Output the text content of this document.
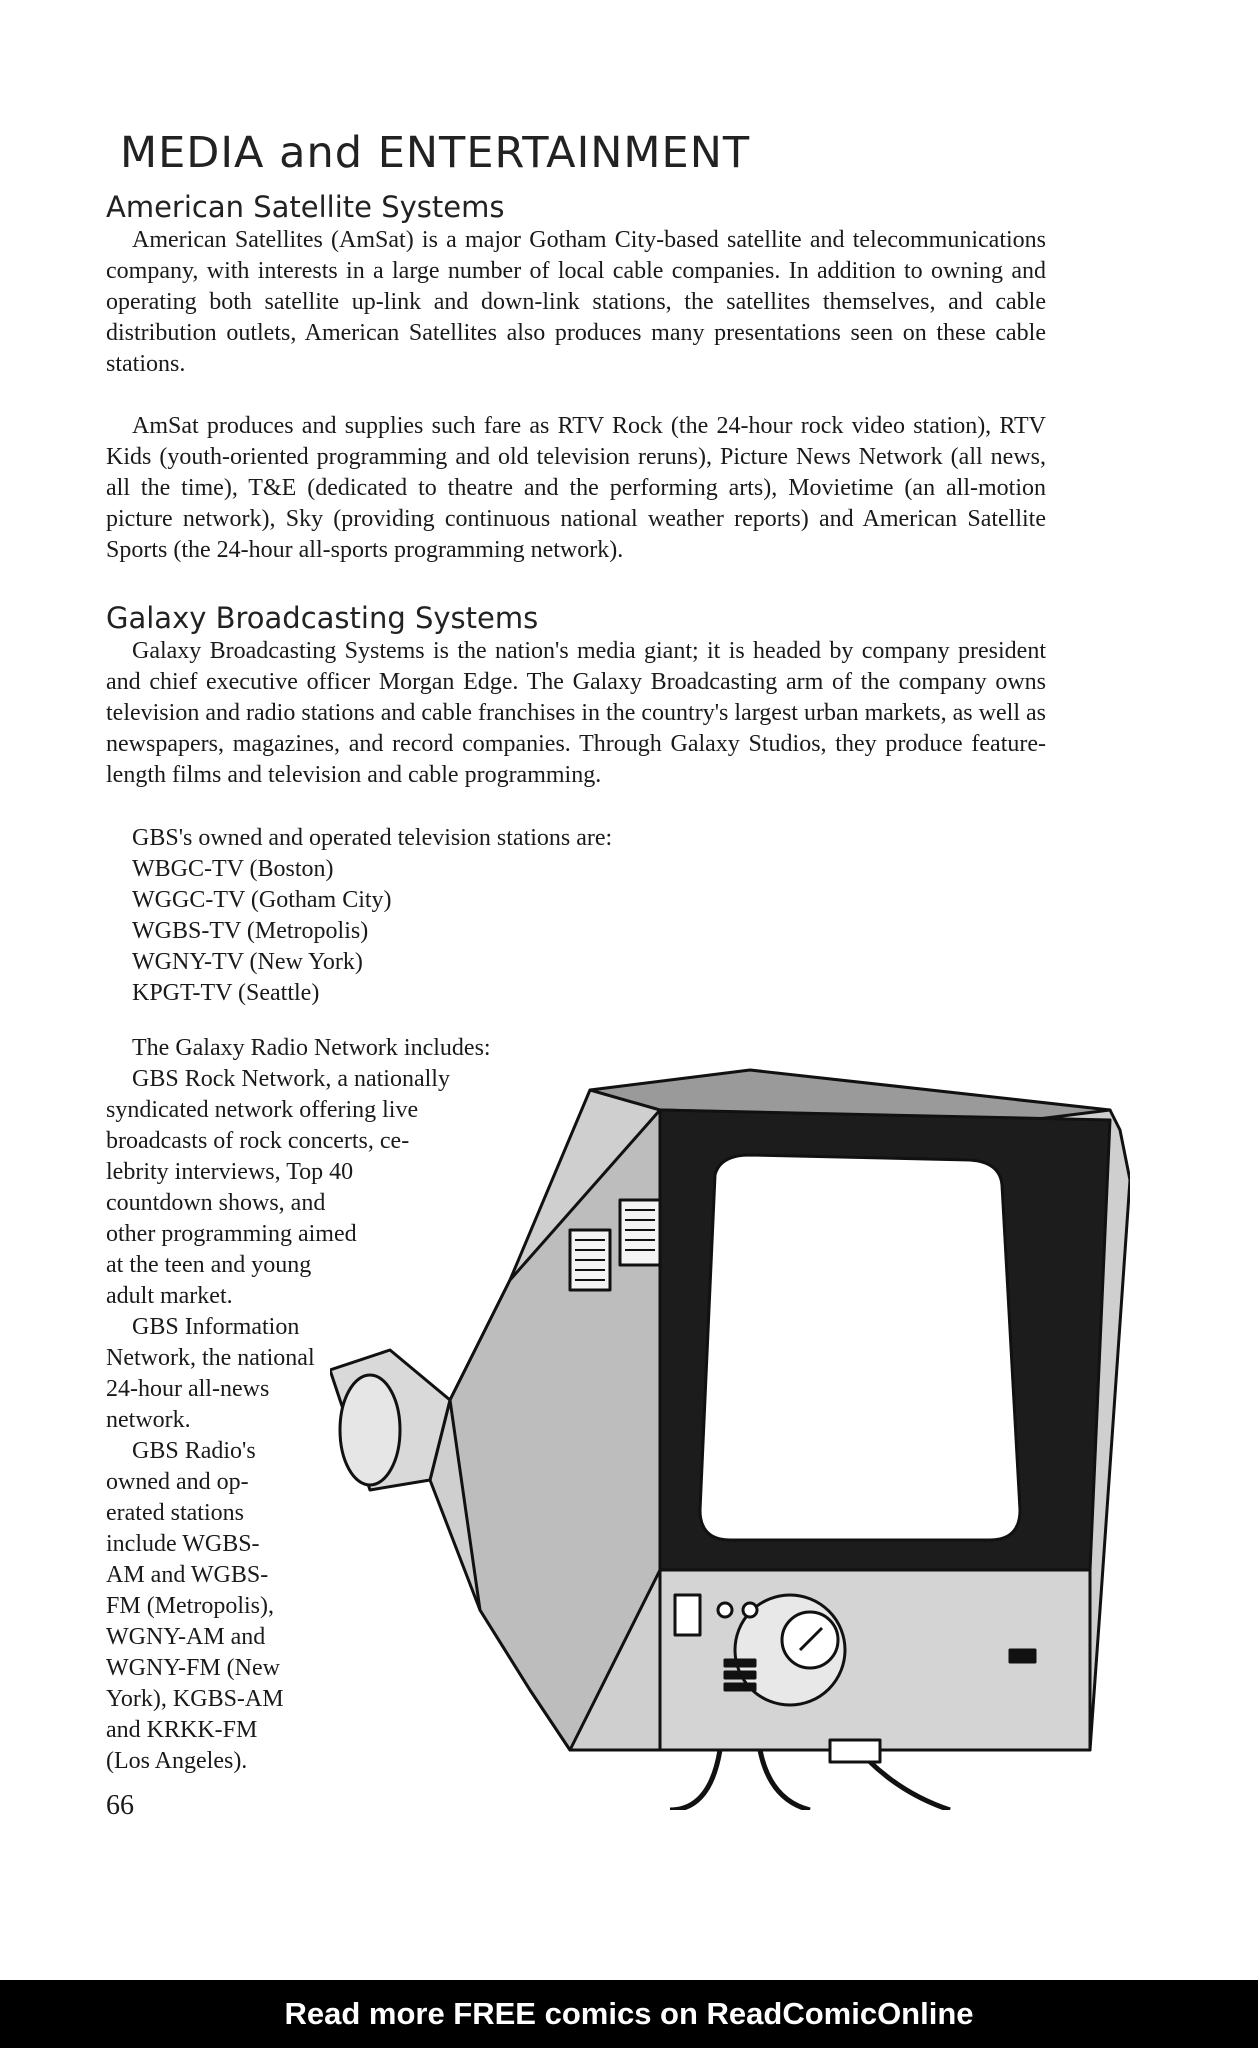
MEDIA and ENTERTAINMENT
American Satellite Systems
American Satellites (AmSat) is a major Gotham City-based satellite and telecommunications company, with interests in a large number of local cable companies. In addition to owning and operating both satellite up-link and down-link stations, the satellites themselves, and cable distribution outlets, American Satellites also produces many presentations seen on these cable stations.
AmSat produces and supplies such fare as RTV Rock (the 24-hour rock video station), RTV Kids (youth-oriented programming and old television reruns), Picture News Network (all news, all the time), T&E (dedicated to theatre and the performing arts), Movietime (an all-motion picture network), Sky (providing continuous national weather reports) and American Satellite Sports (the 24-hour all-sports programming network).
Galaxy Broadcasting Systems
Galaxy Broadcasting Systems is the nation's media giant; it is headed by company president and chief executive officer Morgan Edge. The Galaxy Broadcasting arm of the company owns television and radio stations and cable franchises in the country's largest urban markets, as well as newspapers, magazines, and record companies. Through Galaxy Studios, they produce feature-length films and television and cable programming.
GBS's owned and operated television stations are:
WBGC-TV (Boston)
WGGC-TV (Gotham City)
WGBS-TV (Metropolis)
WGNY-TV (New York)
KPGT-TV (Seattle)
The Galaxy Radio Network includes:
GBS Rock Network, a nationally
syndicated network offering live
broadcasts of rock concerts, ce-
lebrity interviews, Top 40
countdown shows, and
other programming aimed
at the teen and young
adult market.
GBS Information
Network, the national
24-hour all-news
network.
GBS Radio's
owned and op-
erated stations
include WGBS-
AM and WGBS-
FM (Metropolis),
WGNY-AM and
WGNY-FM (New
York), KGBS-AM
and KRKK-FM
(Los Angeles).
66
Read more FREE comics on ReadComicOnline
